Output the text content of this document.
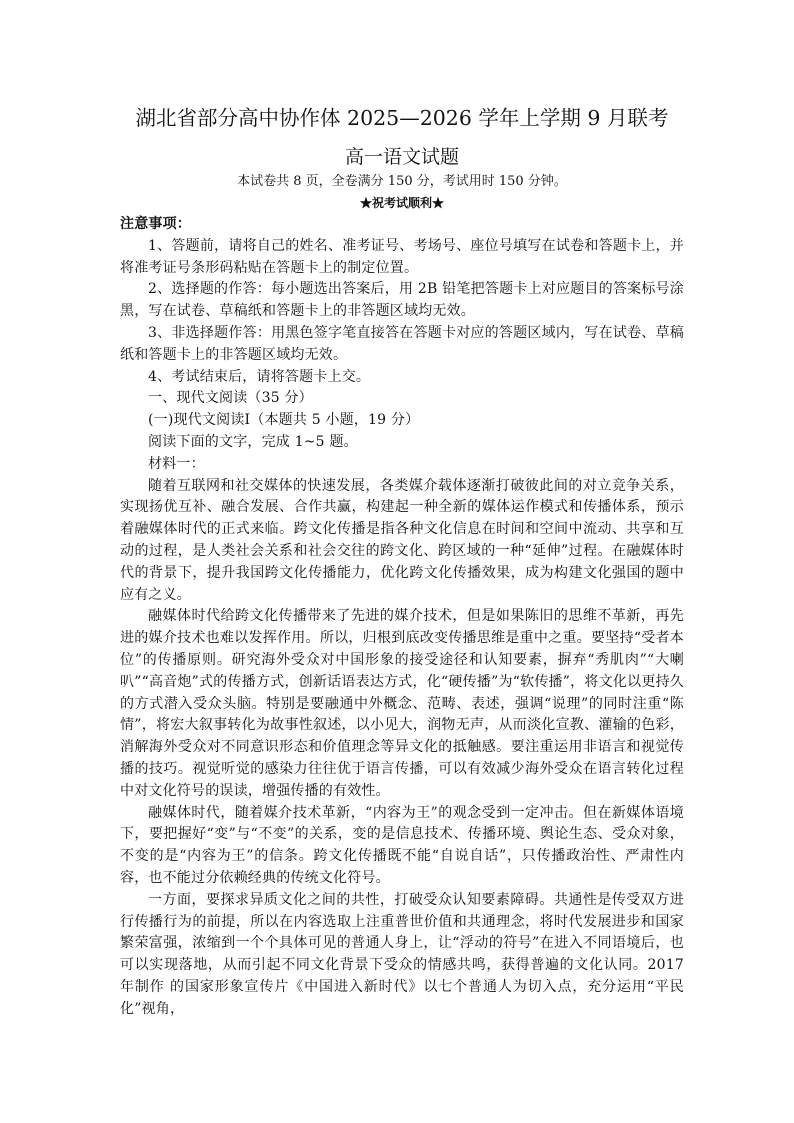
湖北省部分高中协作体 2025—2026 学年上学期 9 月联考
高一语文试题
本试卷共 8 页，全卷满分 150 分，考试用时 150 分钟。
★祝考试顺利★

注意事项：

1、答题前，请将自己的姓名、准考证号、考场号、座位号填写在试卷和答题卡上，并将准考证号条形码粘贴在答题卡上的制定位置。

2、选择题的作答：每小题选出答案后，用 2B 铅笔把答题卡上对应题目的答案标号涂黑，写在试卷、草稿纸和答题卡上的非答题区域均无效。

3、非选择题作答：用黑色签字笔直接答在答题卡对应的答题区域内，写在试卷、草稿纸和答题卡上的非答题区域均无效。

4、考试结束后，请将答题卡上交。

一、现代文阅读（35 分）

(一)现代文阅读Ⅰ（本题共 5 小题，19 分）

阅读下面的文字，完成 1~5 题。

材料一：

随着互联网和社交媒体的快速发展，各类媒介载体逐渐打破彼此间的对立竞争关系，实现扬优互补、融合发展、合作共赢，构建起一种全新的媒体运作模式和传播体系，预示着融媒体时代的正式来临。跨文化传播是指各种文化信息在时间和空间中流动、共享和互动的过程，是人类社会关系和社会交往的跨文化、跨区域的一种“延伸”过程。在融媒体时代的背景下，提升我国跨文化传播能力，优化跨文化传播效果，成为构建文化强国的题中应有之义。

融媒体时代给跨文化传播带来了先进的媒介技术，但是如果陈旧的思维不革新，再先进的媒介技术也难以发挥作用。所以，归根到底改变传播思维是重中之重。要坚持“受者本位”的传播原则。研究海外受众对中国形象的接受途径和认知要素，摒弃“秀肌肉”“大喇叭”“高音炮”式的传播方式，创新话语表达方式，化“硬传播”为“软传播”，将文化以更持久的方式潜入受众头脑。特别是要融通中外概念、范畴、表述，强调“说理”的同时注重“陈情”，将宏大叙事转化为故事性叙述，以小见大，润物无声，从而淡化宣教、灌输的色彩，消解海外受众对不同意识形态和价值理念等异文化的抵触感。要注重运用非语言和视觉传播的技巧。视觉听觉的感染力往往优于语言传播，可以有效减少海外受众在语言转化过程中对文化符号的误读，增强传播的有效性。

融媒体时代，随着媒介技术革新，“内容为王”的观念受到一定冲击。但在新媒体语境下，要把握好“变”与“不变”的关系，变的是信息技术、传播环境、舆论生态、受众对象，不变的是“内容为王”的信条。跨文化传播既不能“自说自话”，只传播政治性、严肃性内容，也不能过分依赖经典的传统文化符号。

一方面，要探求异质文化之间的共性，打破受众认知要素障碍。共通性是传受双方进行传播行为的前提，所以在内容选取上注重普世价值和共通理念，将时代发展进步和国家繁荣富强，浓缩到一个个具体可见的普通人身上，让“浮动的符号”在进入不同语境后，也可以实现落地，从而引起不同文化背景下受众的情感共鸣，获得普遍的文化认同。2017 年制作 的国家形象宣传片《中国进入新时代》以七个普通人为切入点，充分运用“平民化”视角，
